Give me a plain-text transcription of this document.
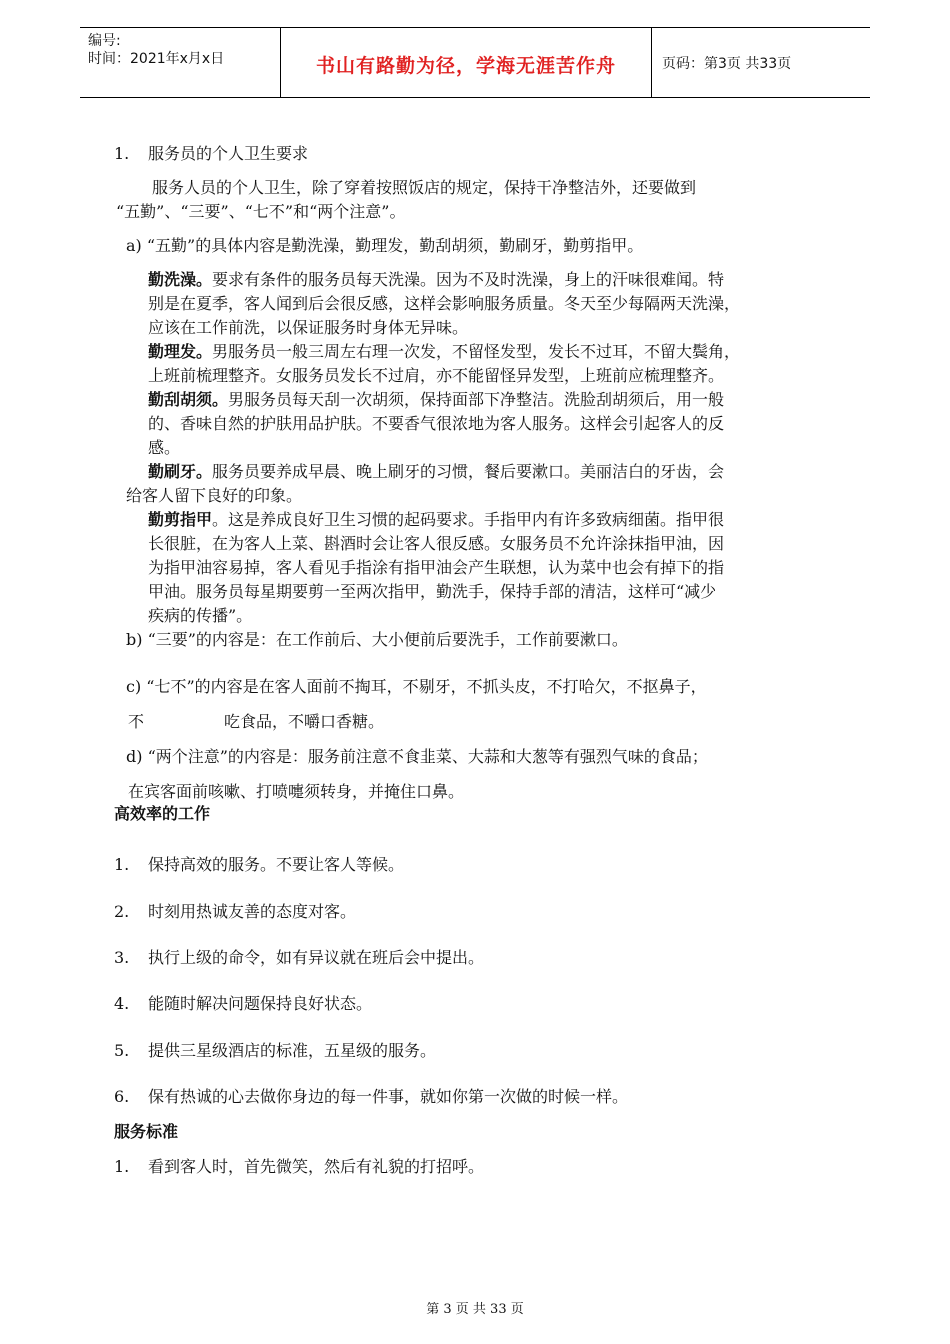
编号:
时间：2021年x月x日	书山有路勤为径，学海无涯苦作舟	页码：第3页 共33页
1. 服务员的个人卫生要求
服务人员的个人卫生，除了穿着按照饭店的规定，保持干净整洁外，还要做到
“五勤”、“三要”、“七不”和“两个注意”。
a) “五勤”的具体内容是勤洗澡，勤理发，勤刮胡须，勤刷牙，勤剪指甲。
勤洗澡。要求有条件的服务员每天洗澡。因为不及时洗澡，身上的汗味很难闻。特
别是在夏季，客人闻到后会很反感，这样会影响服务质量。冬天至少每隔两天洗澡，
应该在工作前洗，以保证服务时身体无异味。
勤理发。男服务员一般三周左右理一次发，不留怪发型，发长不过耳，不留大鬓角，
上班前梳理整齐。女服务员发长不过肩，亦不能留怪异发型，上班前应梳理整齐。
勤刮胡须。男服务员每天刮一次胡须，保持面部下净整洁。洗脸刮胡须后，用一般
的、香味自然的护肤用品护肤。不要香气很浓地为客人服务。这样会引起客人的反
感。
勤刷牙。服务员要养成早晨、晚上刷牙的习惯，餐后要漱口。美丽洁白的牙齿，会
给客人留下良好的印象。
勤剪指甲。这是养成良好卫生习惯的起码要求。手指甲内有许多致病细菌。指甲很
长很脏，在为客人上菜、斟酒时会让客人很反感。女服务员不允许涂抹指甲油，因
为指甲油容易掉，客人看见手指涂有指甲油会产生联想，认为菜中也会有掉下的指
甲油。服务员每星期要剪一至两次指甲，勤洗手，保持手部的清洁，这样可“减少
疾病的传播”。
b) “三要”的内容是：在工作前后、大小便前后要洗手，工作前要漱口。
c) “七不”的内容是在客人面前不掏耳，不剔牙，不抓头皮，不打哈欠，不抠鼻子，
不	吃食品，不嚼口香糖。
d) “两个注意”的内容是：服务前注意不食韭菜、大蒜和大葱等有强烈气味的食品；
在宾客面前咳嗽、打喷嚏须转身，并掩住口鼻。
高效率的工作
1. 保持高效的服务。不要让客人等候。
2. 时刻用热诚友善的态度对客。
3. 执行上级的命令，如有异议就在班后会中提出。
4. 能随时解决问题保持良好状态。
5. 提供三星级酒店的标准，五星级的服务。
6. 保有热诚的心去做你身边的每一件事，就如你第一次做的时候一样。
服务标准
1. 看到客人时，首先微笑，然后有礼貌的打招呼。
第 3 页 共 33 页
